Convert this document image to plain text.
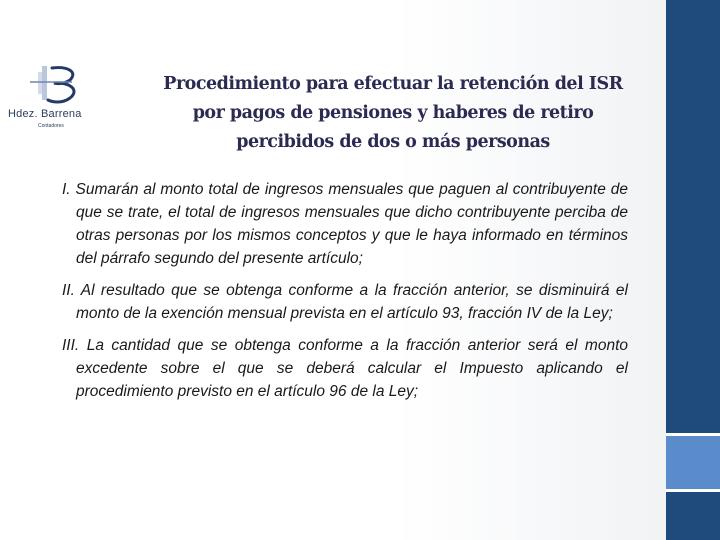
Hdez. Barrena
Contadores
Procedimiento para efectuar la retención del ISR por pagos de pensiones y haberes de retiro percibidos de dos o más personas

I. Sumarán al monto total de ingresos mensuales que paguen al contribuyente de que se trate, el total de ingresos mensuales que dicho contribuyente perciba de otras personas por los mismos conceptos y que le haya informado en términos del párrafo segundo del presente artículo;

II. Al resultado que se obtenga conforme a la fracción anterior, se disminuirá el monto de la exención mensual prevista en el artículo 93, fracción IV de la Ley;

III. La cantidad que se obtenga conforme a la fracción anterior será el monto excedente sobre el que se deberá calcular el Impuesto aplicando el procedimiento previsto en el artículo 96 de la Ley;
